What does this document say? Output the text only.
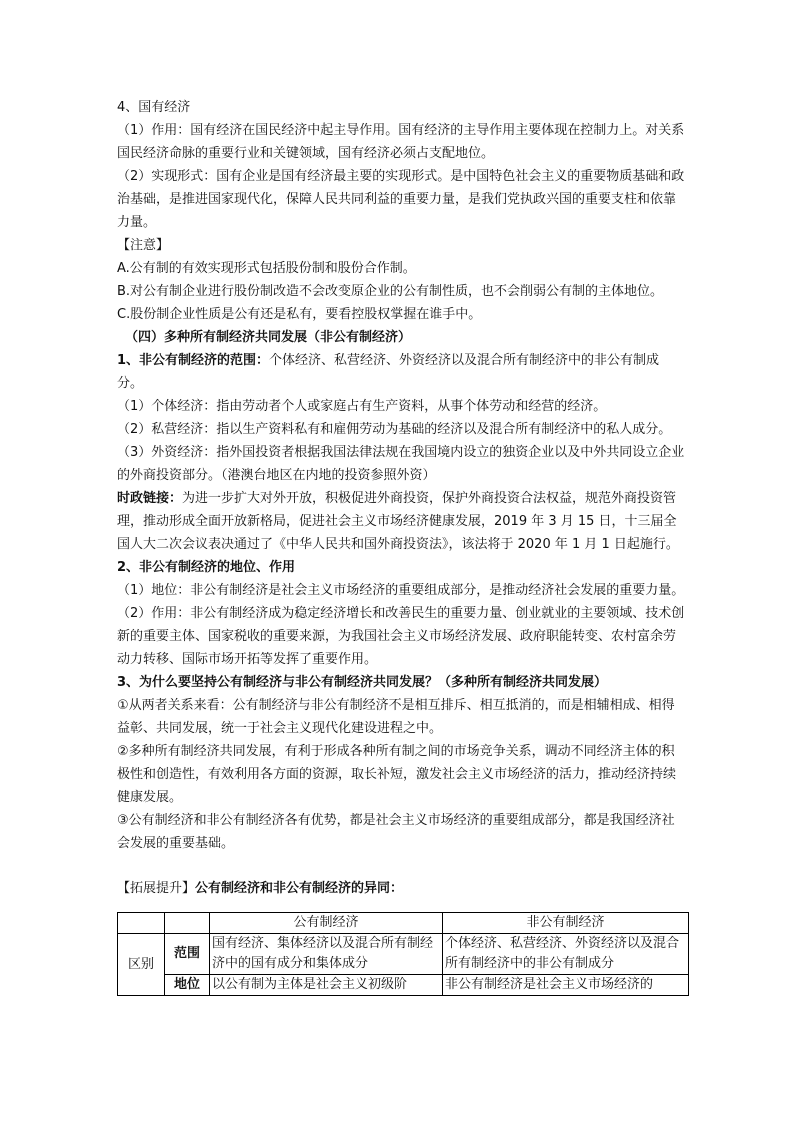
4、国有经济

（1）作用：国有经济在国民经济中起主导作用。国有经济的主导作用主要体现在控制力上。对关系国民经济命脉的重要行业和关键领域，国有经济必须占支配地位。

（2）实现形式：国有企业是国有经济最主要的实现形式。是中国特色社会主义的重要物质基础和政治基础，是推进国家现代化，保障人民共同利益的重要力量，是我们党执政兴国的重要支柱和依靠力量。

【注意】

A.公有制的有效实现形式包括股份制和股份合作制。

B.对公有制企业进行股份制改造不会改变原企业的公有制性质，也不会削弱公有制的主体地位。

C.股份制企业性质是公有还是私有，要看控股权掌握在谁手中。

（四）多种所有制经济共同发展（非公有制经济）

1、非公有制经济的范围：个体经济、私营经济、外资经济以及混合所有制经济中的非公有制成分。

（1）个体经济：指由劳动者个人或家庭占有生产资料，从事个体劳动和经营的经济。

（2）私营经济：指以生产资料私有和雇佣劳动为基础的经济以及混合所有制经济中的私人成分。

（3）外资经济：指外国投资者根据我国法律法规在我国境内设立的独资企业以及中外共同设立企业的外商投资部分。（港澳台地区在内地的投资参照外资）

时政链接：为进一步扩大对外开放，积极促进外商投资，保护外商投资合法权益，规范外商投资管理，推动形成全面开放新格局，促进社会主义市场经济健康发展，2019 年 3 月 15 日，十三届全国人大二次会议表决通过了《中华人民共和国外商投资法》，该法将于 2020 年 1 月 1 日起施行。

2、非公有制经济的地位、作用

（1）地位：非公有制经济是社会主义市场经济的重要组成部分，是推动经济社会发展的重要力量。

（2）作用：非公有制经济成为稳定经济增长和改善民生的重要力量、创业就业的主要领域、技术创新的重要主体、国家税收的重要来源，为我国社会主义市场经济发展、政府职能转变、农村富余劳动力转移、国际市场开拓等发挥了重要作用。

3、为什么要坚持公有制经济与非公有制经济共同发展？（多种所有制经济共同发展）

①从两者关系来看：公有制经济与非公有制经济不是相互排斥、相互抵消的，而是相辅相成、相得益彰、共同发展，统一于社会主义现代化建设进程之中。

②多种所有制经济共同发展，有利于形成各种所有制之间的市场竞争关系，调动不同经济主体的积极性和创造性，有效利用各方面的资源，取长补短，激发社会主义市场经济的活力，推动经济持续健康发展。

③公有制经济和非公有制经济各有优势，都是社会主义市场经济的重要组成部分，都是我国经济社会发展的重要基础。

【拓展提升】公有制经济和非公有制经济的异同：

		公有制经济	非公有制经济
区别	范围	国有经济、集体经济以及混合所有制经济中的国有成分和集体成分	个体经济、私营经济、外资经济以及混合所有制经济中的非公有制成分
	地位	以公有制为主体是社会主义初级阶	非公有制经济是社会主义市场经济的
